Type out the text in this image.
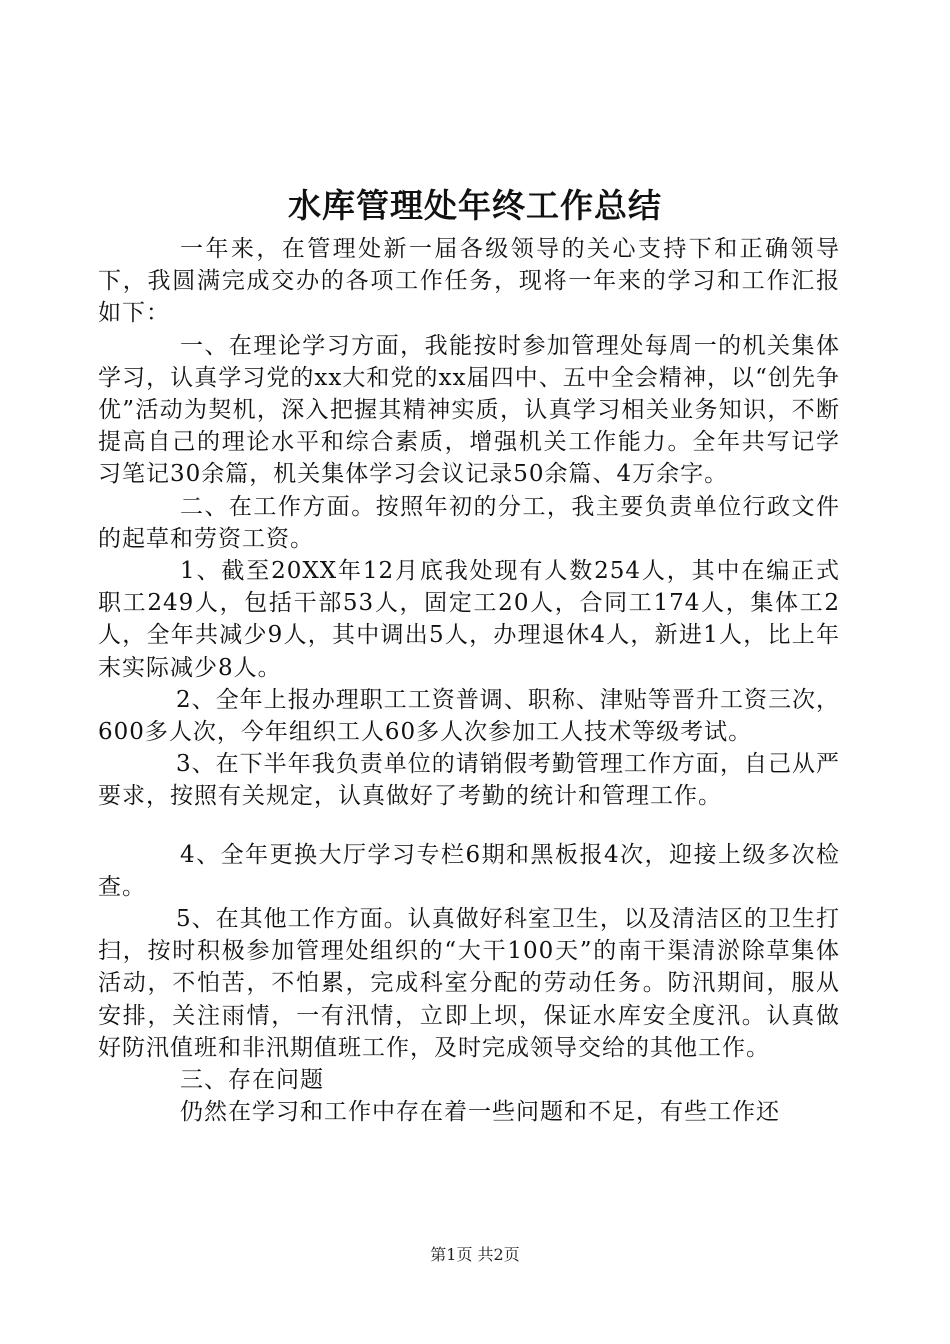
水库管理处年终工作总结

一年来，在管理处新一届各级领导的关心支持下和正确领导下，我圆满完成交办的各项工作任务，现将一年来的学习和工作汇报如下：

一、在理论学习方面，我能按时参加管理处每周一的机关集体学习，认真学习党的xx大和党的xx届四中、五中全会精神，以“创先争优”活动为契机，深入把握其精神实质，认真学习相关业务知识，不断提高自己的理论水平和综合素质，增强机关工作能力。全年共写记学习笔记30余篇，机关集体学习会议记录50余篇、4万余字。

二、在工作方面。按照年初的分工，我主要负责单位行政文件的起草和劳资工资。

1、截至20XX年12月底我处现有人数254人，其中在编正式职工249人，包括干部53人，固定工20人，合同工174人，集体工2人，全年共减少9人，其中调出5人，办理退休4人，新进1人，比上年末实际减少8人。

2、全年上报办理职工工资普调、职称、津贴等晋升工资三次，600多人次，今年组织工人60多人次参加工人技术等级考试。

3、在下半年我负责单位的请销假考勤管理工作方面，自己从严要求，按照有关规定，认真做好了考勤的统计和管理工作。

4、全年更换大厅学习专栏6期和黑板报4次，迎接上级多次检查。

5、在其他工作方面。认真做好科室卫生，以及清洁区的卫生打扫，按时积极参加管理处组织的“大干100天”的南干渠清淤除草集体活动，不怕苦，不怕累，完成科室分配的劳动任务。防汛期间，服从安排，关注雨情，一有汛情，立即上坝，保证水库安全度汛。认真做好防汛值班和非汛期值班工作，及时完成领导交给的其他工作。

三、存在问题

仍然在学习和工作中存在着一些问题和不足，有些工作还

第1页 共2页
